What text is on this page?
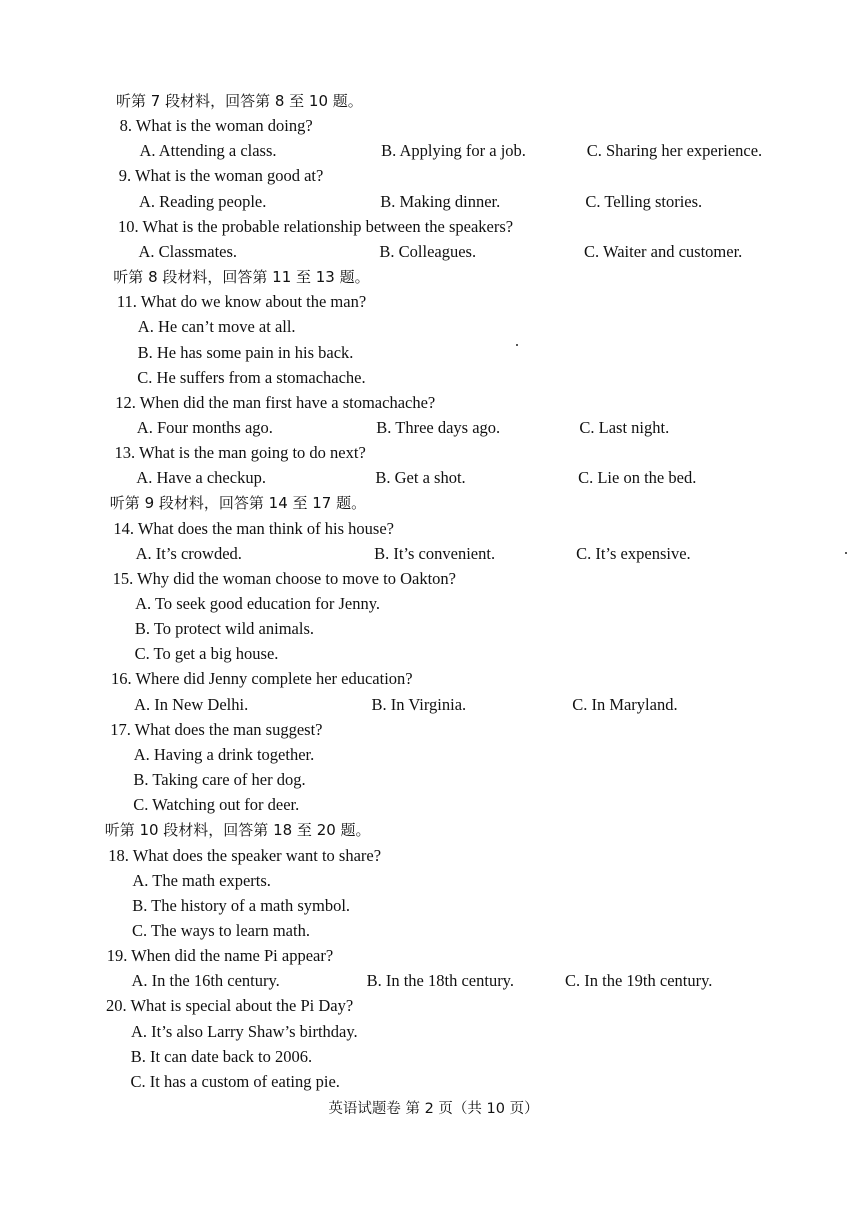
听第 7 段材料，回答第 8 至 10 题。
8. What is the woman doing?
A. Attending a class.	B. Applying for a job.	C. Sharing her experience.
9. What is the woman good at?
A. Reading people.	B. Making dinner.	C. Telling stories.
10. What is the probable relationship between the speakers?
A. Classmates.	B. Colleagues.	C. Waiter and customer.
听第 8 段材料，回答第 11 至 13 题。
11. What do we know about the man?
A. He can’t move at all.
B. He has some pain in his back.
C. He suffers from a stomachache.
12. When did the man first have a stomachache?
A. Four months ago.	B. Three days ago.	C. Last night.
13. What is the man going to do next?
A. Have a checkup.	B. Get a shot.	C. Lie on the bed.
听第 9 段材料，回答第 14 至 17 题。
14. What does the man think of his house?
A. It’s crowded.	B. It’s convenient.	C. It’s expensive.
15. Why did the woman choose to move to Oakton?
A. To seek good education for Jenny.
B. To protect wild animals.
C. To get a big house.
16. Where did Jenny complete her education?
A. In New Delhi.	B. In Virginia.	C. In Maryland.
17. What does the man suggest?
A. Having a drink together.
B. Taking care of her dog.
C. Watching out for deer.
听第 10 段材料，回答第 18 至 20 题。
18. What does the speaker want to share?
A. The math experts.
B. The history of a math symbol.
C. The ways to learn math.
19. When did the name Pi appear?
A. In the 16th century.	B. In the 18th century.	C. In the 19th century.
20. What is special about the Pi Day?
A. It’s also Larry Shaw’s birthday.
B. It can date back to 2006.
C. It has a custom of eating pie.
英语试题卷 第 2 页（共 10 页）
